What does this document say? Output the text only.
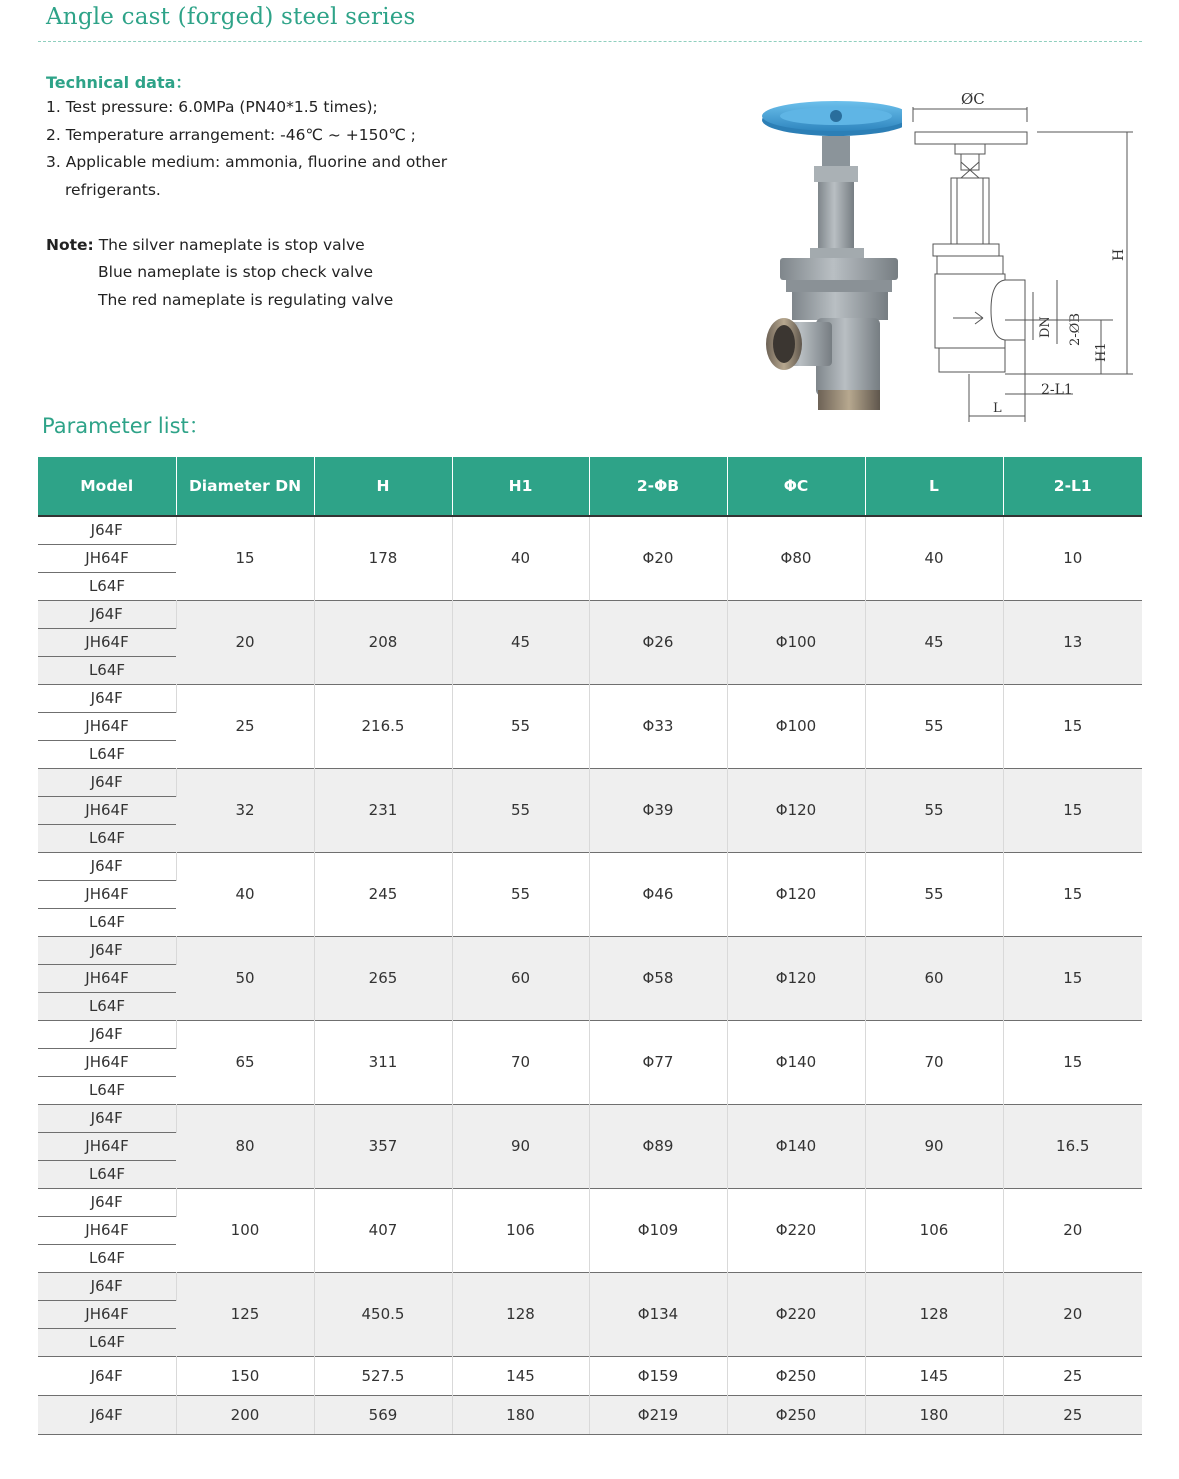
Angle cast (forged) steel series
Technical data：
1. Test pressure: 6.0MPa (PN40*1.5 times);
2. Temperature arrangement: -46℃ ~ +150℃ ;
3. Applicable medium: ammonia, fluorine and other
refrigerants.
Note: The silver nameplate is stop valve
Blue nameplate is stop check valve
The red nameplate is regulating valve
ØC
H
DN 2-ØB
H1
2-L1
L
Parameter list：
Model	Diameter DN	H	H1	2-ΦB	ΦC	L	2-L1
J64F	15	178	40	Φ20	Φ80	40	10
JH64F							
L64F							
J64F	20	208	45	Φ26	Φ100	45	13
JH64F							
L64F							
J64F	25	216.5	55	Φ33	Φ100	55	15
JH64F							
L64F							
J64F	32	231	55	Φ39	Φ120	55	15
JH64F							
L64F							
J64F	40	245	55	Φ46	Φ120	55	15
JH64F							
L64F							
J64F	50	265	60	Φ58	Φ120	60	15
JH64F							
L64F							
J64F	65	311	70	Φ77	Φ140	70	15
JH64F							
L64F							
J64F	80	357	90	Φ89	Φ140	90	16.5
JH64F							
L64F							
J64F	100	407	106	Φ109	Φ220	106	20
JH64F							
L64F							
J64F	125	450.5	128	Φ134	Φ220	128	20
JH64F							
L64F							
J64F	150	527.5	145	Φ159	Φ250	145	25
J64F	200	569	180	Φ219	Φ250	180	25
